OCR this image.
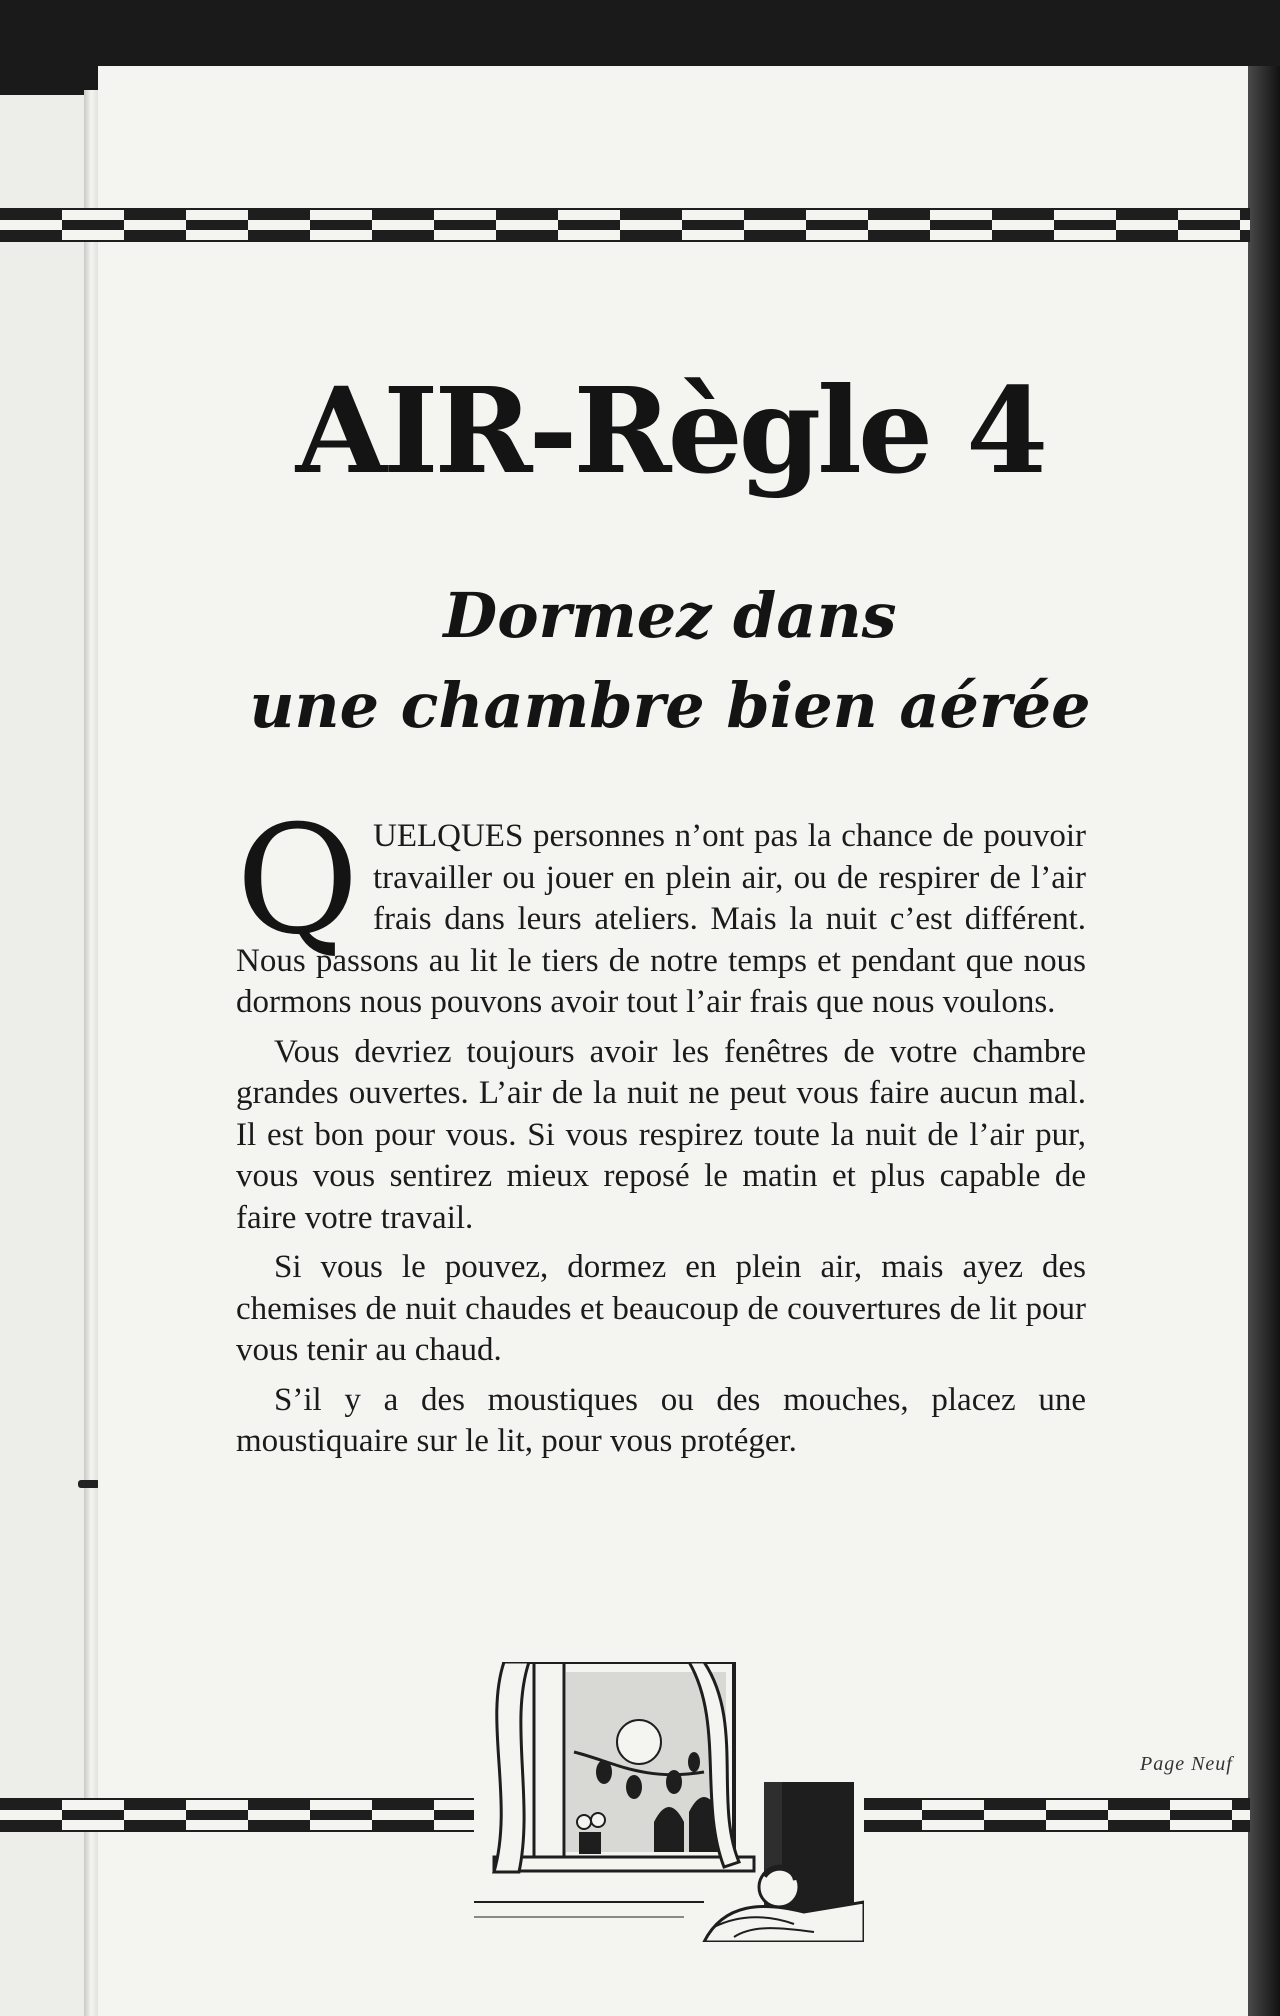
AIR-Règle 4
Dormez dans
une chambre bien aérée

QUELQUES personnes n’ont pas la chance de pouvoir travailler ou jouer en plein air, ou de respirer de l’air frais dans leurs ateliers. Mais la nuit c’est différent. Nous passons au lit le tiers de notre temps et pendant que nous dormons nous pouvons avoir tout l’air frais que nous voulons.

Vous devriez toujours avoir les fenêtres de votre chambre grandes ouvertes. L’air de la nuit ne peut vous faire aucun mal. Il est bon pour vous. Si vous respirez toute la nuit de l’air pur, vous vous sentirez mieux reposé le matin et plus capable de faire votre travail.

Si vous le pouvez, dormez en plein air, mais ayez des chemises de nuit chaudes et beaucoup de couvertures de lit pour vous tenir au chaud.

S’il y a des moustiques ou des mouches, placez une moustiquaire sur le lit, pour vous protéger.

Page Neuf
